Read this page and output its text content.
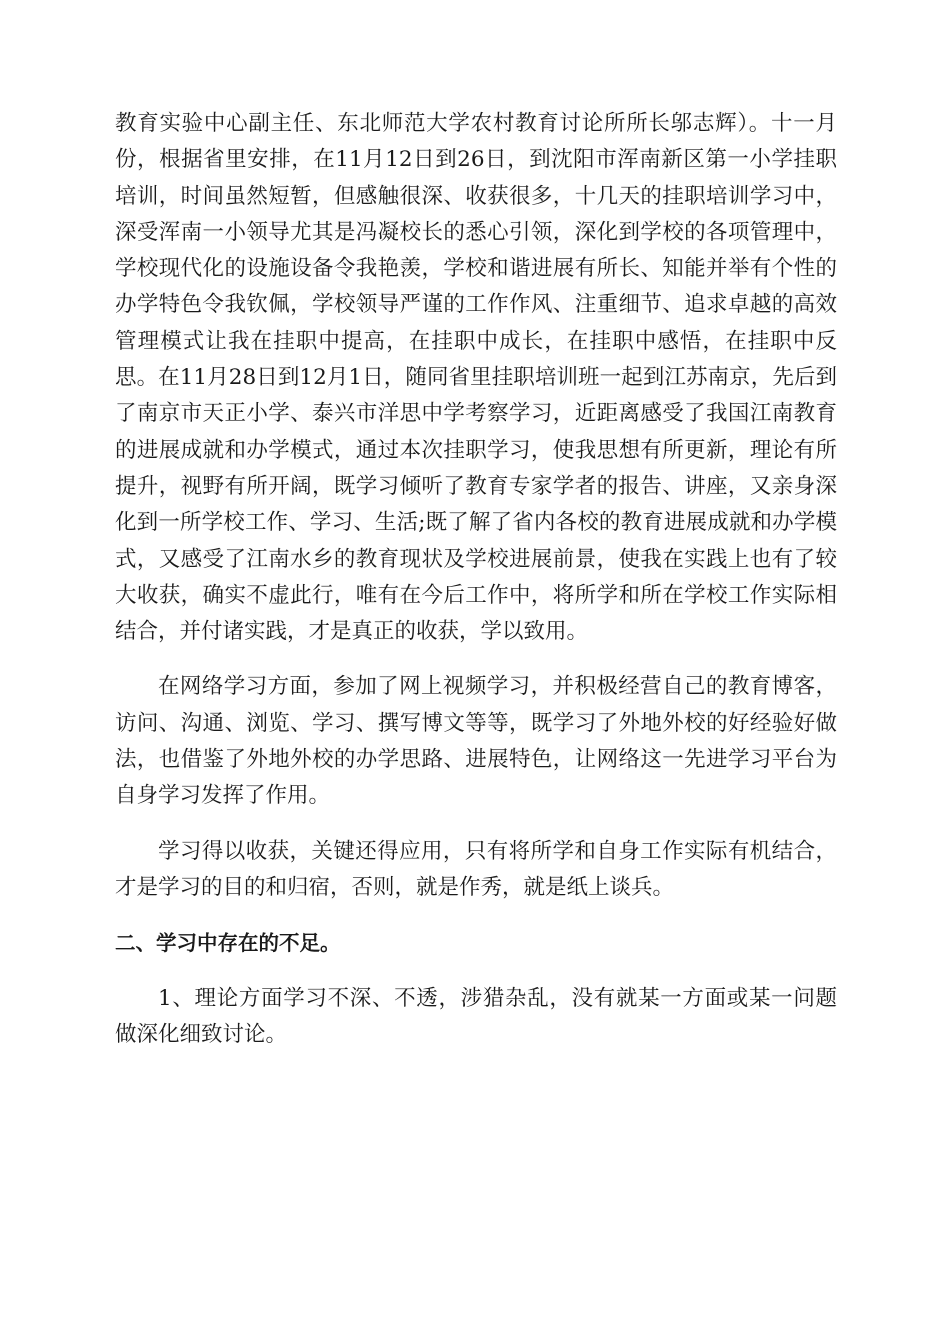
教育实验中心副主任、东北师范大学农村教育讨论所所长邬志辉）。十一月份，根据省里安排，在11月12日到26日，到沈阳市浑南新区第一小学挂职培训，时间虽然短暂，但感触很深、收获很多，十几天的挂职培训学习中，深受浑南一小领导尤其是冯凝校长的悉心引领，深化到学校的各项管理中，学校现代化的设施设备令我艳羡，学校和谐进展有所长、知能并举有个性的办学特色令我钦佩，学校领导严谨的工作作风、注重细节、追求卓越的高效管理模式让我在挂职中提高，在挂职中成长，在挂职中感悟，在挂职中反思。在11月28日到12月1日，随同省里挂职培训班一起到江苏南京，先后到了南京市天正小学、泰兴市洋思中学考察学习，近距离感受了我国江南教育的进展成就和办学模式，通过本次挂职学习，使我思想有所更新，理论有所提升，视野有所开阔，既学习倾听了教育专家学者的报告、讲座，又亲身深化到一所学校工作、学习、生活;既了解了省内各校的教育进展成就和办学模式，又感受了江南水乡的教育现状及学校进展前景，使我在实践上也有了较大收获，确实不虚此行，唯有在今后工作中，将所学和所在学校工作实际相结合，并付诸实践，才是真正的收获，学以致用。

在网络学习方面，参加了网上视频学习，并积极经营自己的教育博客，访问、沟通、浏览、学习、撰写博文等等，既学习了外地外校的好经验好做法，也借鉴了外地外校的办学思路、进展特色，让网络这一先进学习平台为自身学习发挥了作用。

学习得以收获，关键还得应用，只有将所学和自身工作实际有机结合，才是学习的目的和归宿，否则，就是作秀，就是纸上谈兵。

二、学习中存在的不足。

1、理论方面学习不深、不透，涉猎杂乱，没有就某一方面或某一问题做深化细致讨论。
